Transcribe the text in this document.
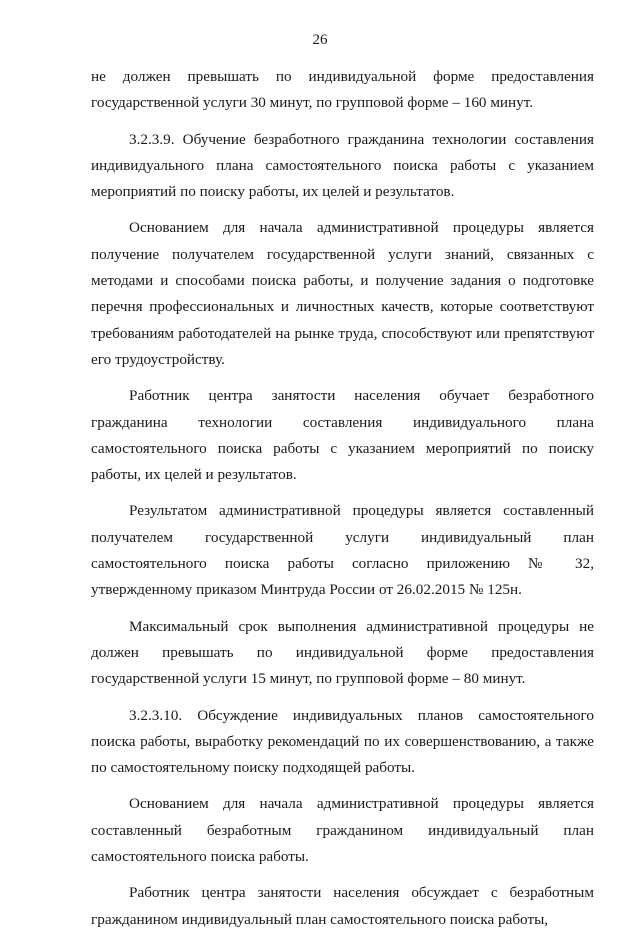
26

не должен превышать по индивидуальной форме предоставления государственной услуги 30 минут, по групповой форме – 160 минут.

3.2.3.9. Обучение безработного гражданина технологии составления индивидуального плана самостоятельного поиска работы с указанием мероприятий по поиску работы, их целей и результатов.

Основанием для начала административной процедуры является получение получателем государственной услуги знаний, связанных с методами и способами поиска работы, и получение задания о подготовке перечня профессиональных и личностных качеств, которые соответствуют требованиям работодателей на рынке труда, способствуют или препятствуют его трудоустройству.

Работник центра занятости населения обучает безработного гражданина технологии составления индивидуального плана самостоятельного поиска работы с указанием мероприятий по поиску работы, их целей и результатов.

Результатом административной процедуры является составленный получателем государственной услуги индивидуальный план самостоятельного поиска работы согласно приложению № 32, утвержденному приказом Минтруда России от 26.02.2015 № 125н.

Максимальный срок выполнения административной процедуры не должен превышать по индивидуальной форме предоставления государственной услуги 15 минут, по групповой форме – 80 минут.

3.2.3.10. Обсуждение индивидуальных планов самостоятельного поиска работы, выработку рекомендаций по их совершенствованию, а также по самостоятельному поиску подходящей работы.

Основанием для начала административной процедуры является составленный безработным гражданином индивидуальный план самостоятельного поиска работы.

Работник центра занятости населения обсуждает с безработным гражданином индивидуальный план самостоятельного поиска работы,
